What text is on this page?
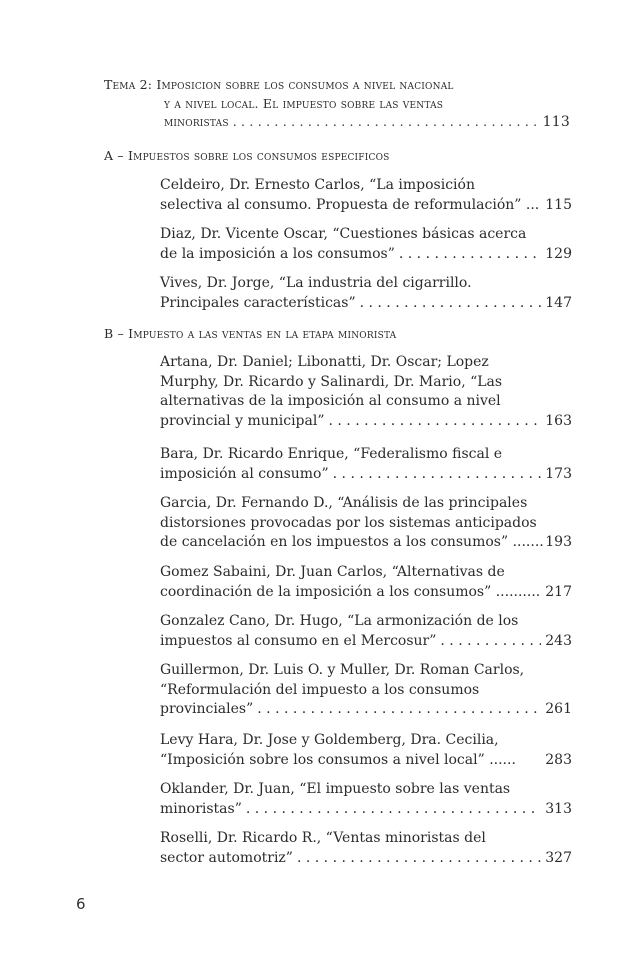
Tema 2: Imposicion sobre los consumos a nivel nacional
y a nivel local. El impuesto sobre las ventas
minoristas . . .	113
A – Impuestos sobre los consumos especificos
Celdeiro, Dr. Ernesto Carlos, “La imposición
selectiva al consumo. Propuesta de reformulación” ... 115
Diaz, Dr. Vicente Oscar, “Cuestiones básicas acerca
de la imposición a los consumos” . . .	129
Vives, Dr. Jorge, “La industria del cigarrillo.
Principales características” . . .	147
B – Impuesto a las ventas en la etapa minorista
Artana, Dr. Daniel; Libonatti, Dr. Oscar; Lopez
Murphy, Dr. Ricardo y Salinardi, Dr. Mario, “Las
alternativas de la imposición al consumo a nivel
provincial y municipal” . . .	163
Bara, Dr. Ricardo Enrique, “Federalismo fiscal e
imposición al consumo” . . .	173
Garcia, Dr. Fernando D., “Análisis de las principales
distorsiones provocadas por los sistemas anticipados
de cancelación en los impuestos a los consumos” ....... 193
Gomez Sabaini, Dr. Juan Carlos, “Alternativas de
coordinación de la imposición a los consumos” .......... 217
Gonzalez Cano, Dr. Hugo, “La armonización de los
impuestos al consumo en el Mercosur” . . .	243
Guillermon, Dr. Luis O. y Muller, Dr. Roman Carlos,
“Reformulación del impuesto a los consumos
provinciales” . . .	261
Levy Hara, Dr. Jose y Goldemberg, Dra. Cecilia,
“Imposición sobre los consumos a nivel local” ...... 283
Oklander, Dr. Juan, “El impuesto sobre las ventas
minoristas” . . .	313
Roselli, Dr. Ricardo R., “Ventas minoristas del
sector automotriz” . . .	327
6
